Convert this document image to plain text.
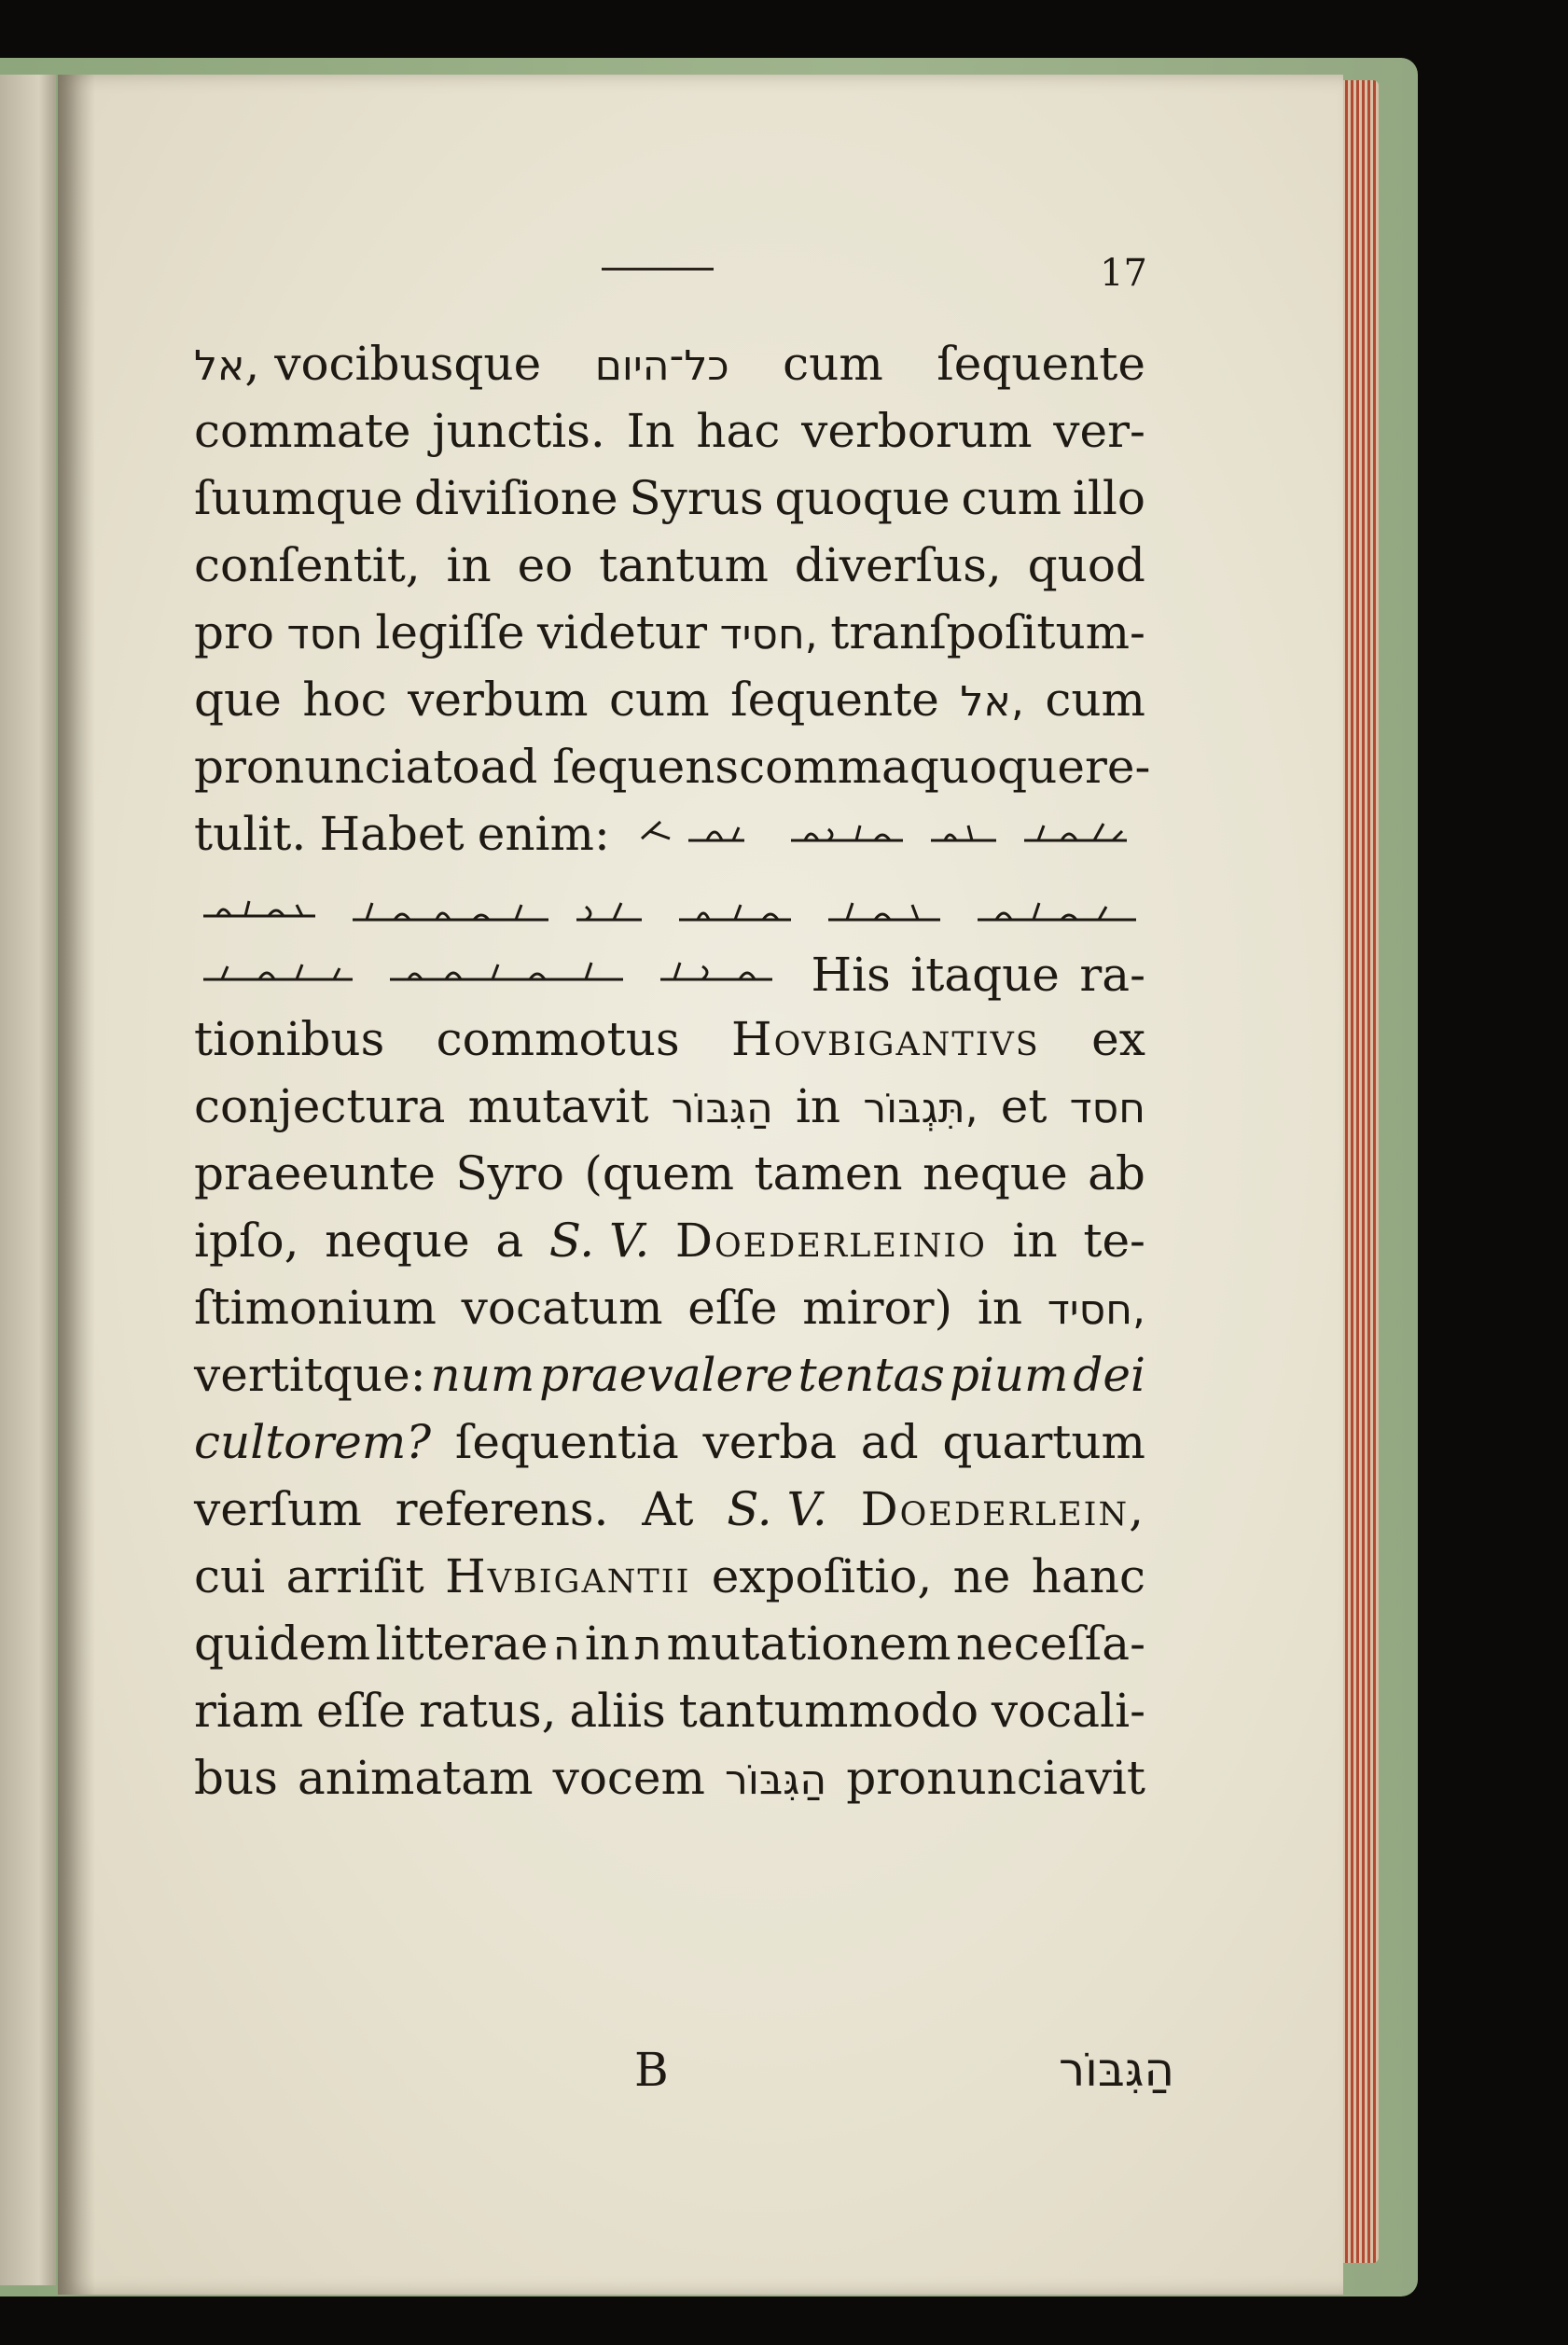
17
אל, vocibusque כל־היום cum ſequente
commate junctis. In hac verborum ver-
ſuumque diviſione Syrus quoque cum illo
conſentit, in eo tantum diverſus, quod
pro חסד legiſſe videtur חסיד, tranſpoſitum-
que hoc verbum cum ſequente אל, cum
pronunciato ad ſequens comma quoque re-
tulit. Habet enim:
His itaque ra-
tionibus commotus Hovbigantivs ex
conjectura mutavit הַגִּבּוֹר in תִּגְבּוֹר, et חסד
praeeunte Syro (quem tamen neque ab
ipſo, neque a S. V. Doederleinio in te-
ſtimonium vocatum eſſe miror) in חסיד,
vertitque: num praevalere tentas pium dei
cultorem? ſequentia verba ad quartum
verſum referens. At S. V. Doederlein,
cui arriſit Hvbigantii expoſitio, ne hanc
quidem litterae ה in ת mutationem neceſſa-
riam eſſe ratus, aliis tantummodo vocali-
bus animatam vocem הַגִּבּוֹר pronunciavit
B	הַגִּבּוֹר
